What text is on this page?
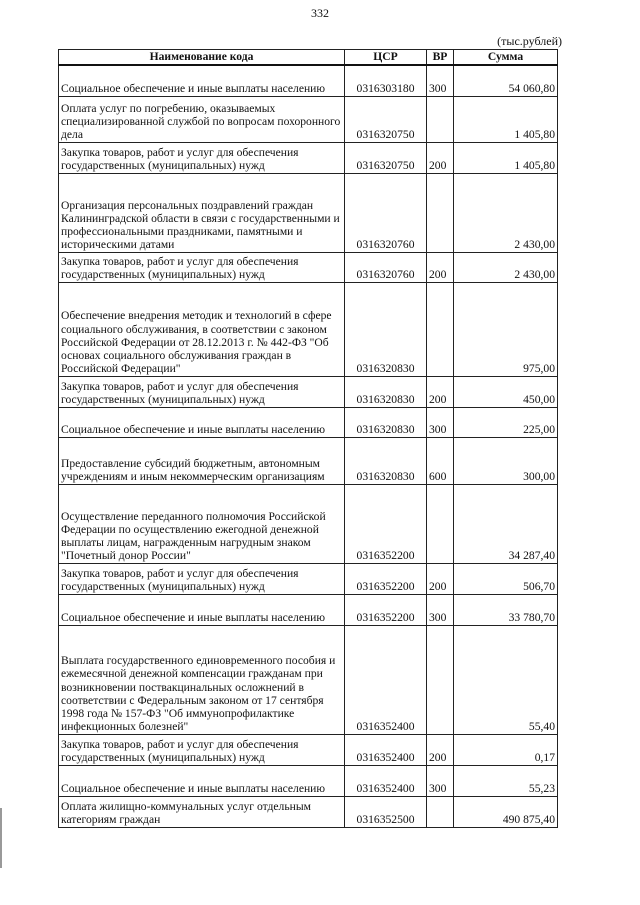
332
(тыс.рублей)
Наименование кода	ЦСР	ВР	Сумма
Социальное обеспечение и иные выплаты населению	0316303180	300	54 060,80
Оплата услуг по погребению, оказываемых специализированной службой по вопросам похоронного дела	0316320750		1 405,80
Закупка товаров, работ и услуг для обеспечения государственных (муниципальных) нужд	0316320750	200	1 405,80
Организация персональных поздравлений граждан Калининградской области в связи с государственными и профессиональными праздниками, памятными и историческими датами	0316320760		2 430,00
Закупка товаров, работ и услуг для обеспечения государственных (муниципальных) нужд	0316320760	200	2 430,00
Обеспечение внедрения методик и технологий в сфере социального обслуживания, в соответствии с законом Российской Федерации от 28.12.2013 г. № 442-ФЗ "Об основах социального обслуживания граждан в Российской Федерации"	0316320830		975,00
Закупка товаров, работ и услуг для обеспечения государственных (муниципальных) нужд	0316320830	200	450,00
Социальное обеспечение и иные выплаты населению	0316320830	300	225,00
Предоставление субсидий бюджетным, автономным учреждениям и иным некоммерческим организациям	0316320830	600	300,00
Осуществление переданного полномочия Российской Федерации по осуществлению ежегодной денежной выплаты лицам, награжденным нагрудным знаком "Почетный донор России"	0316352200		34 287,40
Закупка товаров, работ и услуг для обеспечения государственных (муниципальных) нужд	0316352200	200	506,70
Социальное обеспечение и иные выплаты населению	0316352200	300	33 780,70
Выплата государственного единовременного пособия и ежемесячной денежной компенсации гражданам при возникновении поствакцинальных осложнений в соответствии с Федеральным законом от 17 сентября 1998 года № 157-ФЗ "Об иммунопрофилактике инфекционных болезней"	0316352400		55,40
Закупка товаров, работ и услуг для обеспечения государственных (муниципальных) нужд	0316352400	200	0,17
Социальное обеспечение и иные выплаты населению	0316352400	300	55,23
Оплата жилищно-коммунальных услуг отдельным категориям граждан	0316352500		490 875,40
